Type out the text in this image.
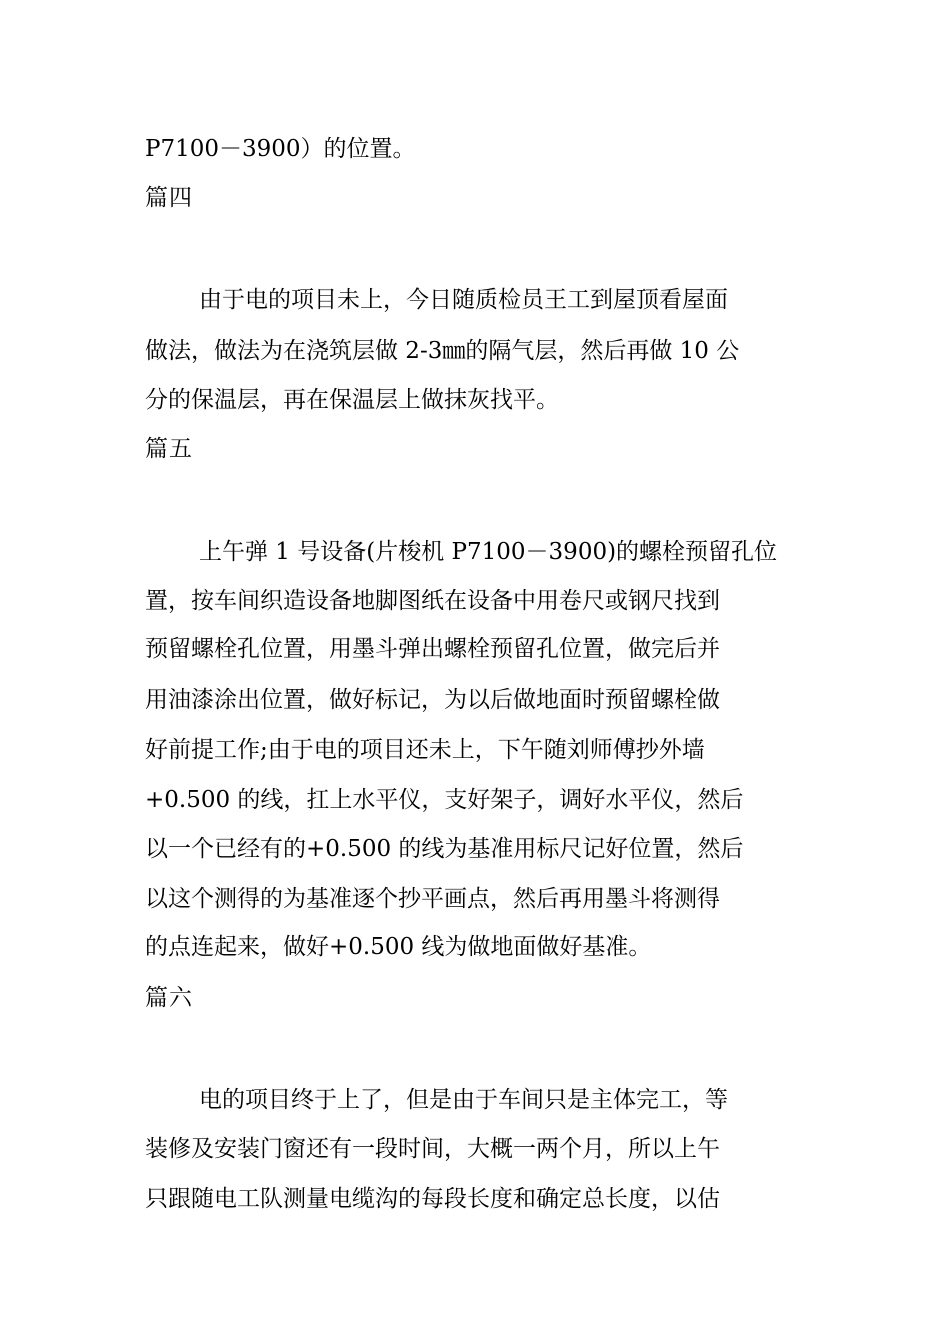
P7100－3900）的位置。
篇四
由于电的项目未上，今日随质检员王工到屋顶看屋面
做法，做法为在浇筑层做 2-3㎜的隔气层，然后再做 10 公
分的保温层，再在保温层上做抹灰找平。
篇五
上午弹 1 号设备(片梭机 P7100－3900)的螺栓预留孔位
置，按车间织造设备地脚图纸在设备中用卷尺或钢尺找到
预留螺栓孔位置，用墨斗弹出螺栓预留孔位置，做完后并
用油漆涂出位置，做好标记，为以后做地面时预留螺栓做
好前提工作;由于电的项目还未上，下午随刘师傅抄外墙
+0.500 的线，扛上水平仪，支好架子，调好水平仪，然后
以一个已经有的+0.500 的线为基准用标尺记好位置，然后
以这个测得的为基准逐个抄平画点，然后再用墨斗将测得
的点连起来，做好+0.500 线为做地面做好基准。
篇六
电的项目终于上了，但是由于车间只是主体完工，等
装修及安装门窗还有一段时间，大概一两个月，所以上午
只跟随电工队测量电缆沟的每段长度和确定总长度，以估
